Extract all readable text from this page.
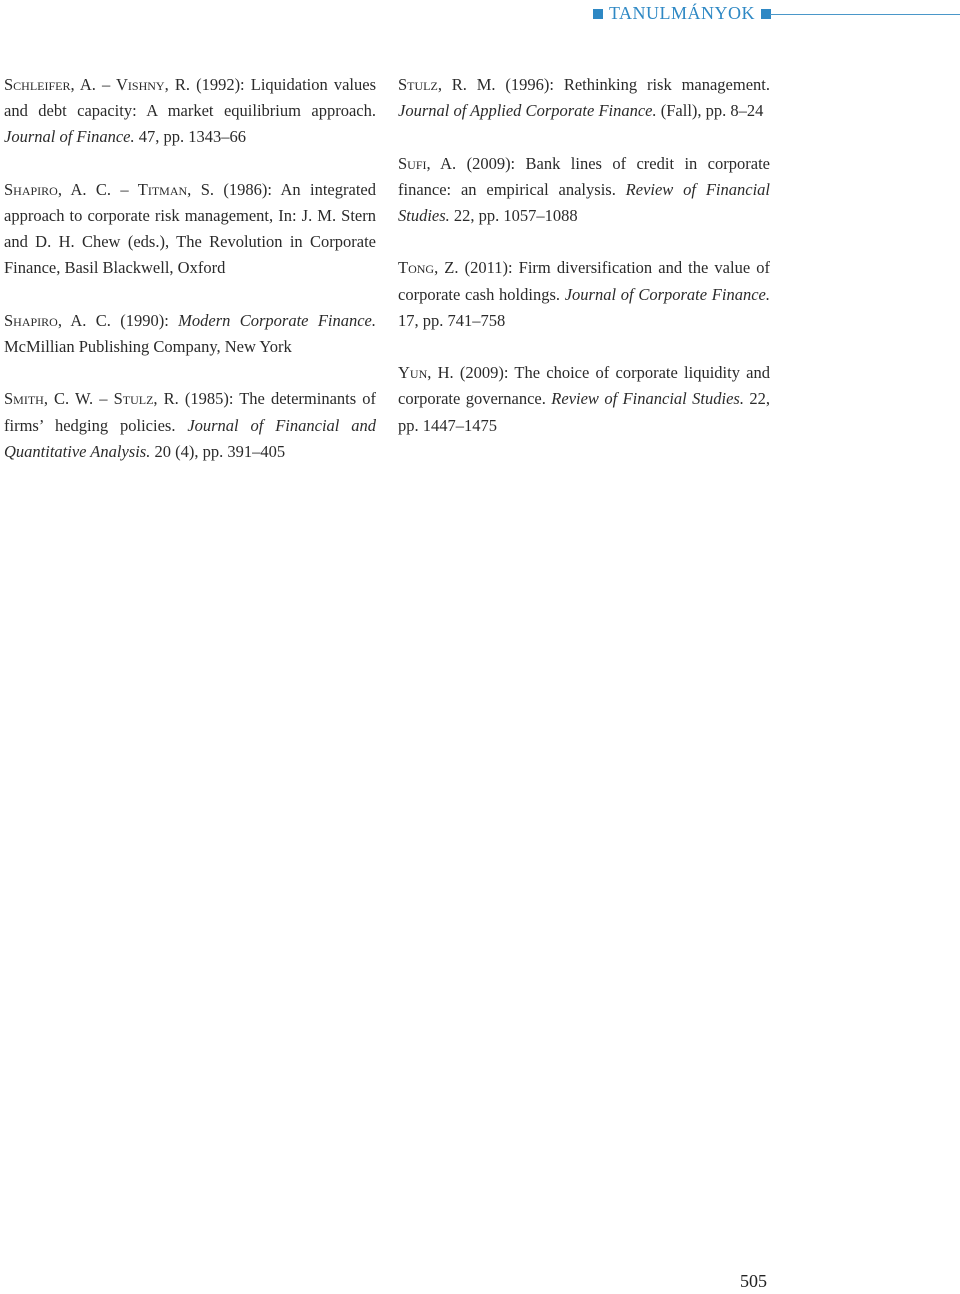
TANULMÁNYOK

Schleifer, A. – Vishny, R. (1992): Liquidation values and debt capacity: A market equilibrium approach. Journal of Finance. 47, pp. 1343–66

Shapiro, A. C. – Titman, S. (1986): An integrated approach to corporate risk management, In: J. M. Stern and D. H. Chew (eds.), The Revolution in Corporate Finance, Basil Blackwell, Oxford

Shapiro, A. C. (1990): Modern Corporate Finance. McMillian Publishing Company, New York

Smith, C. W. – Stulz, R. (1985): The determinants of firms’ hedging policies. Journal of Financial and Quantitative Analysis. 20 (4), pp. 391–405

Stulz, R. M. (1996): Rethinking risk management. Journal of Applied Corporate Finance. (Fall), pp. 8–24

Sufi, A. (2009): Bank lines of credit in corporate finance: an empirical analysis. Review of Financial Studies. 22, pp. 1057–1088

Tong, Z. (2011): Firm diversification and the value of corporate cash holdings. Journal of Corporate Finance. 17, pp. 741–758

Yun, H. (2009): The choice of corporate liquidity and corporate governance. Review of Financial Studies. 22, pp. 1447–1475

505
